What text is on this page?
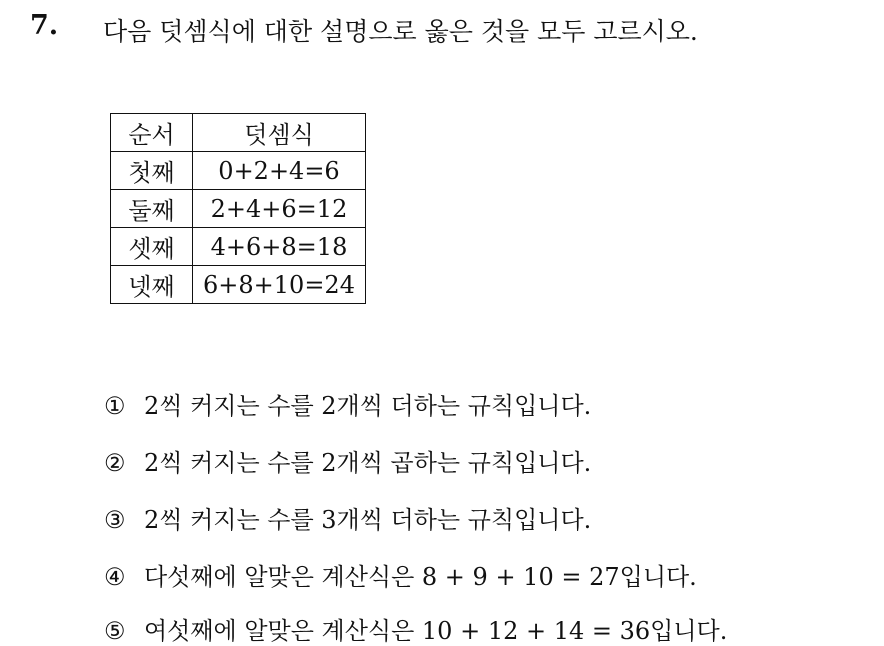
7. 다음 덧셈식에 대한 설명으로 옳은 것을 모두 고르시오.
순서	덧셈식
첫째	0+2+4=6
둘째	2+4+6=12
셋째	4+6+8=18
넷째	6+8+10=24
① 2씩 커지는 수를 2개씩 더하는 규칙입니다.
② 2씩 커지는 수를 2개씩 곱하는 규칙입니다.
③ 2씩 커지는 수를 3개씩 더하는 규칙입니다.
④ 다섯째에 알맞은 계산식은 8 + 9 + 10 = 27입니다.
⑤ 여섯째에 알맞은 계산식은 10 + 12 + 14 = 36입니다.
